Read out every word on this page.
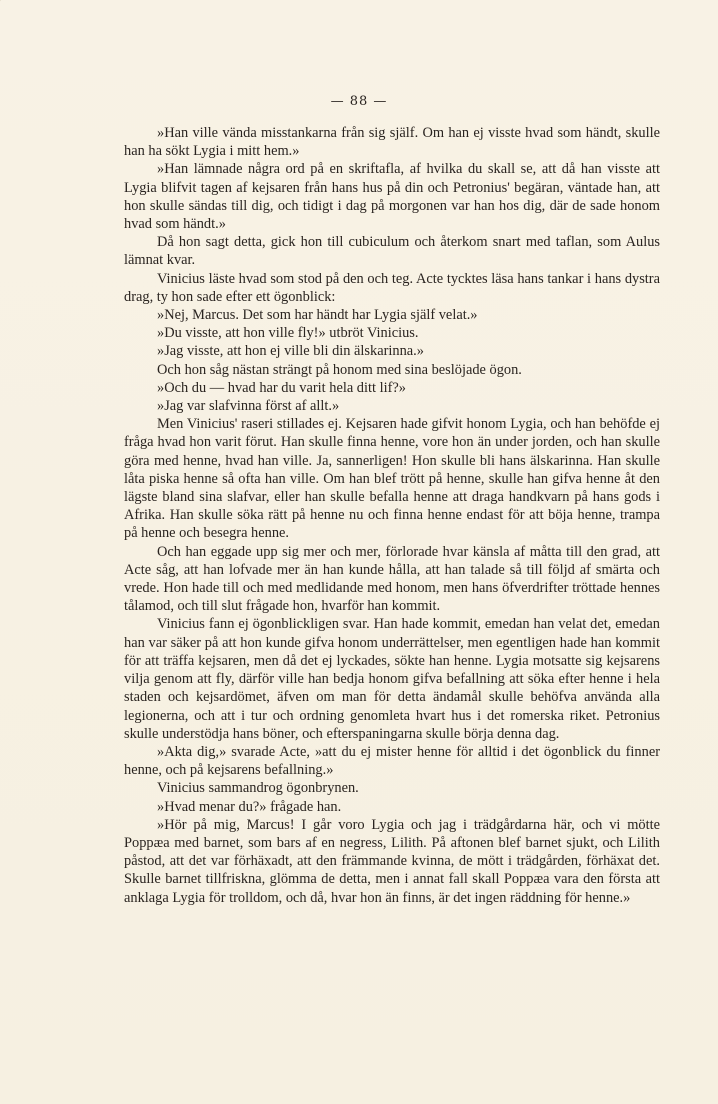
— 88 —

»Han ville vända misstankarna från sig själf. Om han ej visste hvad som händt, skulle han ha sökt Lygia i mitt hem.»

»Han lämnade några ord på en skriftafla, af hvilka du skall se, att då han visste att Lygia blifvit tagen af kejsaren från hans hus på din och Petronius' begäran, väntade han, att hon skulle sändas till dig, och tidigt i dag på morgonen var han hos dig, där de sade honom hvad som händt.»

Då hon sagt detta, gick hon till cubiculum och återkom snart med taflan, som Aulus lämnat kvar.

Vinicius läste hvad som stod på den och teg. Acte tycktes läsa hans tankar i hans dystra drag, ty hon sade efter ett ögonblick:

»Nej, Marcus. Det som har händt har Lygia själf velat.»

»Du visste, att hon ville fly!» utbröt Vinicius.

»Jag visste, att hon ej ville bli din älskarinna.»

Och hon såg nästan strängt på honom med sina beslöjade ögon.

»Och du — hvad har du varit hela ditt lif?»

»Jag var slafvinna först af allt.»

Men Vinicius' raseri stillades ej. Kejsaren hade gifvit honom Lygia, och han behöfde ej fråga hvad hon varit förut. Han skulle finna henne, vore hon än under jorden, och han skulle göra med henne, hvad han ville. Ja, sannerligen! Hon skulle bli hans älskarinna. Han skulle låta piska henne så ofta han ville. Om han blef trött på henne, skulle han gifva henne åt den lägste bland sina slafvar, eller han skulle befalla henne att draga handkvarn på hans gods i Afrika. Han skulle söka rätt på henne nu och finna henne endast för att böja henne, trampa på henne och besegra henne.

Och han eggade upp sig mer och mer, förlorade hvar känsla af måtta till den grad, att Acte såg, att han lofvade mer än han kunde hålla, att han talade så till följd af smärta och vrede. Hon hade till och med medlidande med honom, men hans öfverdrifter tröttade hennes tålamod, och till slut frågade hon, hvarför han kommit.

Vinicius fann ej ögonblickligen svar. Han hade kommit, emedan han velat det, emedan han var säker på att hon kunde gifva honom underrättelser, men egentligen hade han kommit för att träffa kejsaren, men då det ej lyckades, sökte han henne. Lygia motsatte sig kejsarens vilja genom att fly, därför ville han bedja honom gifva befallning att söka efter henne i hela staden och kejsardömet, äfven om man för detta ändamål skulle behöfva använda alla legionerna, och att i tur och ordning genomleta hvart hus i det romerska riket. Petronius skulle understödja hans böner, och efterspaningarna skulle börja denna dag.

»Akta dig,» svarade Acte, »att du ej mister henne för alltid i det ögonblick du finner henne, och på kejsarens befallning.»

Vinicius sammandrog ögonbrynen.

»Hvad menar du?» frågade han.

»Hör på mig, Marcus! I går voro Lygia och jag i trädgårdarna här, och vi mötte Poppæa med barnet, som bars af en negress, Lilith. På aftonen blef barnet sjukt, och Lilith påstod, att det var förhäxadt, att den främmande kvinna, de mött i trädgården, förhäxat det. Skulle barnet tillfriskna, glömma de detta, men i annat fall skall Poppæa vara den första att anklaga Lygia för trolldom, och då, hvar hon än finns, är det ingen räddning för henne.»
